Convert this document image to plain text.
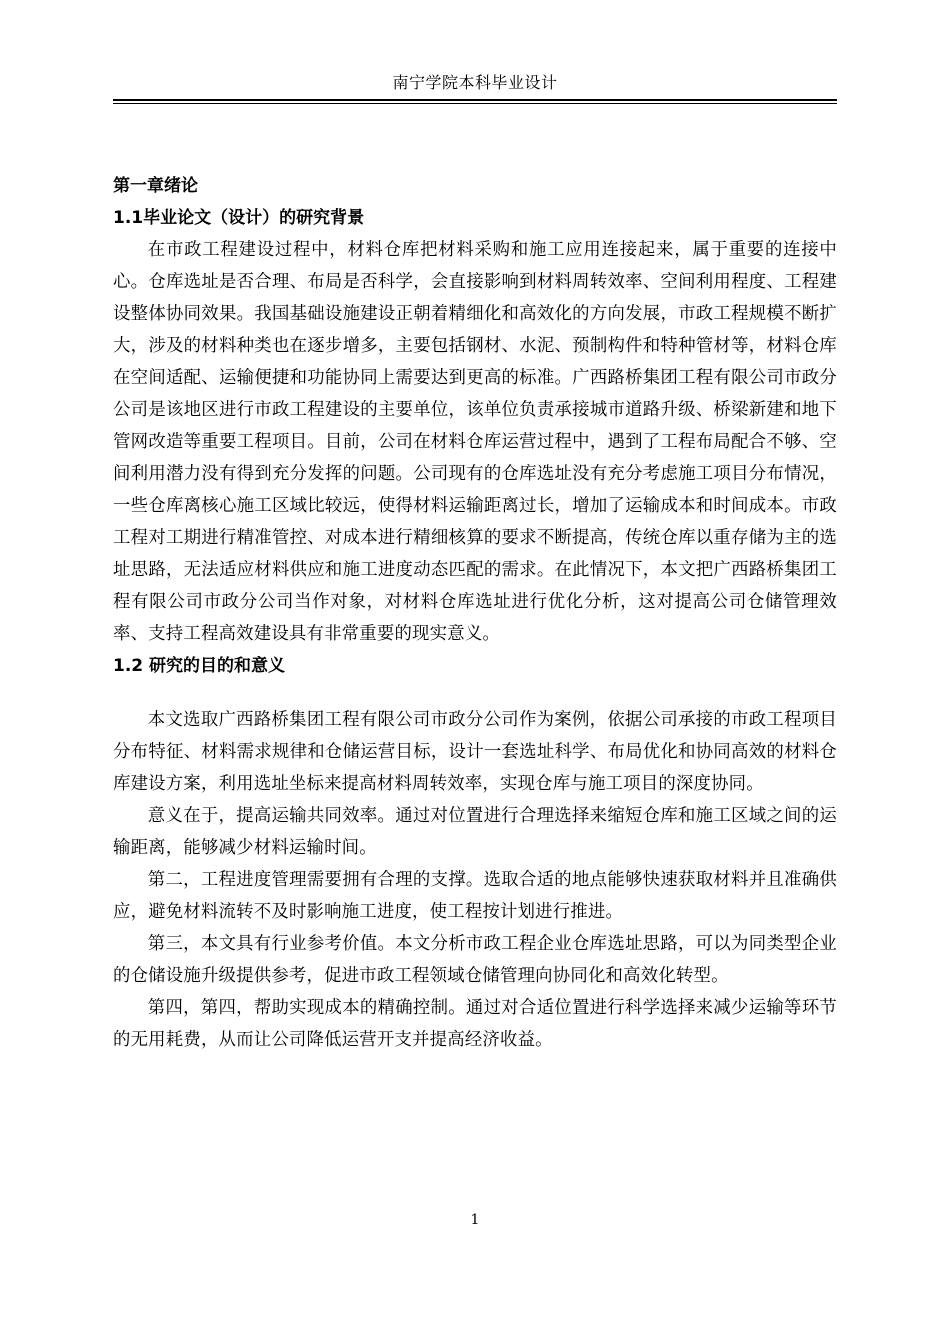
南宁学院本科毕业设计
第一章绪论
1.1毕业论文（设计）的研究背景

在市政工程建设过程中，材料仓库把材料采购和施工应用连接起来，属于重要的连接中心。仓库选址是否合理、布局是否科学，会直接影响到材料周转效率、空间利用程度、工程建设整体协同效果。我国基础设施建设正朝着精细化和高效化的方向发展，市政工程规模不断扩大，涉及的材料种类也在逐步增多，主要包括钢材、水泥、预制构件和特种管材等，材料仓库在空间适配、运输便捷和功能协同上需要达到更高的标准。广西路桥集团工程有限公司市政分公司是该地区进行市政工程建设的主要单位，该单位负责承接城市道路升级、桥梁新建和地下管网改造等重要工程项目。目前，公司在材料仓库运营过程中，遇到了工程布局配合不够、空间利用潜力没有得到充分发挥的问题。公司现有的仓库选址没有充分考虑施工项目分布情况，一些仓库离核心施工区域比较远，使得材料运输距离过长，增加了运输成本和时间成本。市政工程对工期进行精准管控、对成本进行精细核算的要求不断提高，传统仓库以重存储为主的选址思路，无法适应材料供应和施工进度动态匹配的需求。在此情况下，本文把广西路桥集团工程有限公司市政分公司当作对象，对材料仓库选址进行优化分析，这对提高公司仓储管理效率、支持工程高效建设具有非常重要的现实意义。

1.2 研究的目的和意义

本文选取广西路桥集团工程有限公司市政分公司作为案例，依据公司承接的市政工程项目分布特征、材料需求规律和仓储运营目标，设计一套选址科学、布局优化和协同高效的材料仓库建设方案，利用选址坐标来提高材料周转效率，实现仓库与施工项目的深度协同。

意义在于，提高运输共同效率。通过对位置进行合理选择来缩短仓库和施工区域之间的运输距离，能够减少材料运输时间。

第二，工程进度管理需要拥有合理的支撑。选取合适的地点能够快速获取材料并且准确供应，避免材料流转不及时影响施工进度，使工程按计划进行推进。

第三，本文具有行业参考价值。本文分析市政工程企业仓库选址思路，可以为同类型企业的仓储设施升级提供参考，促进市政工程领域仓储管理向协同化和高效化转型。

第四，第四，帮助实现成本的精确控制。通过对合适位置进行科学选择来减少运输等环节的无用耗费，从而让公司降低运营开支并提高经济收益。

1
